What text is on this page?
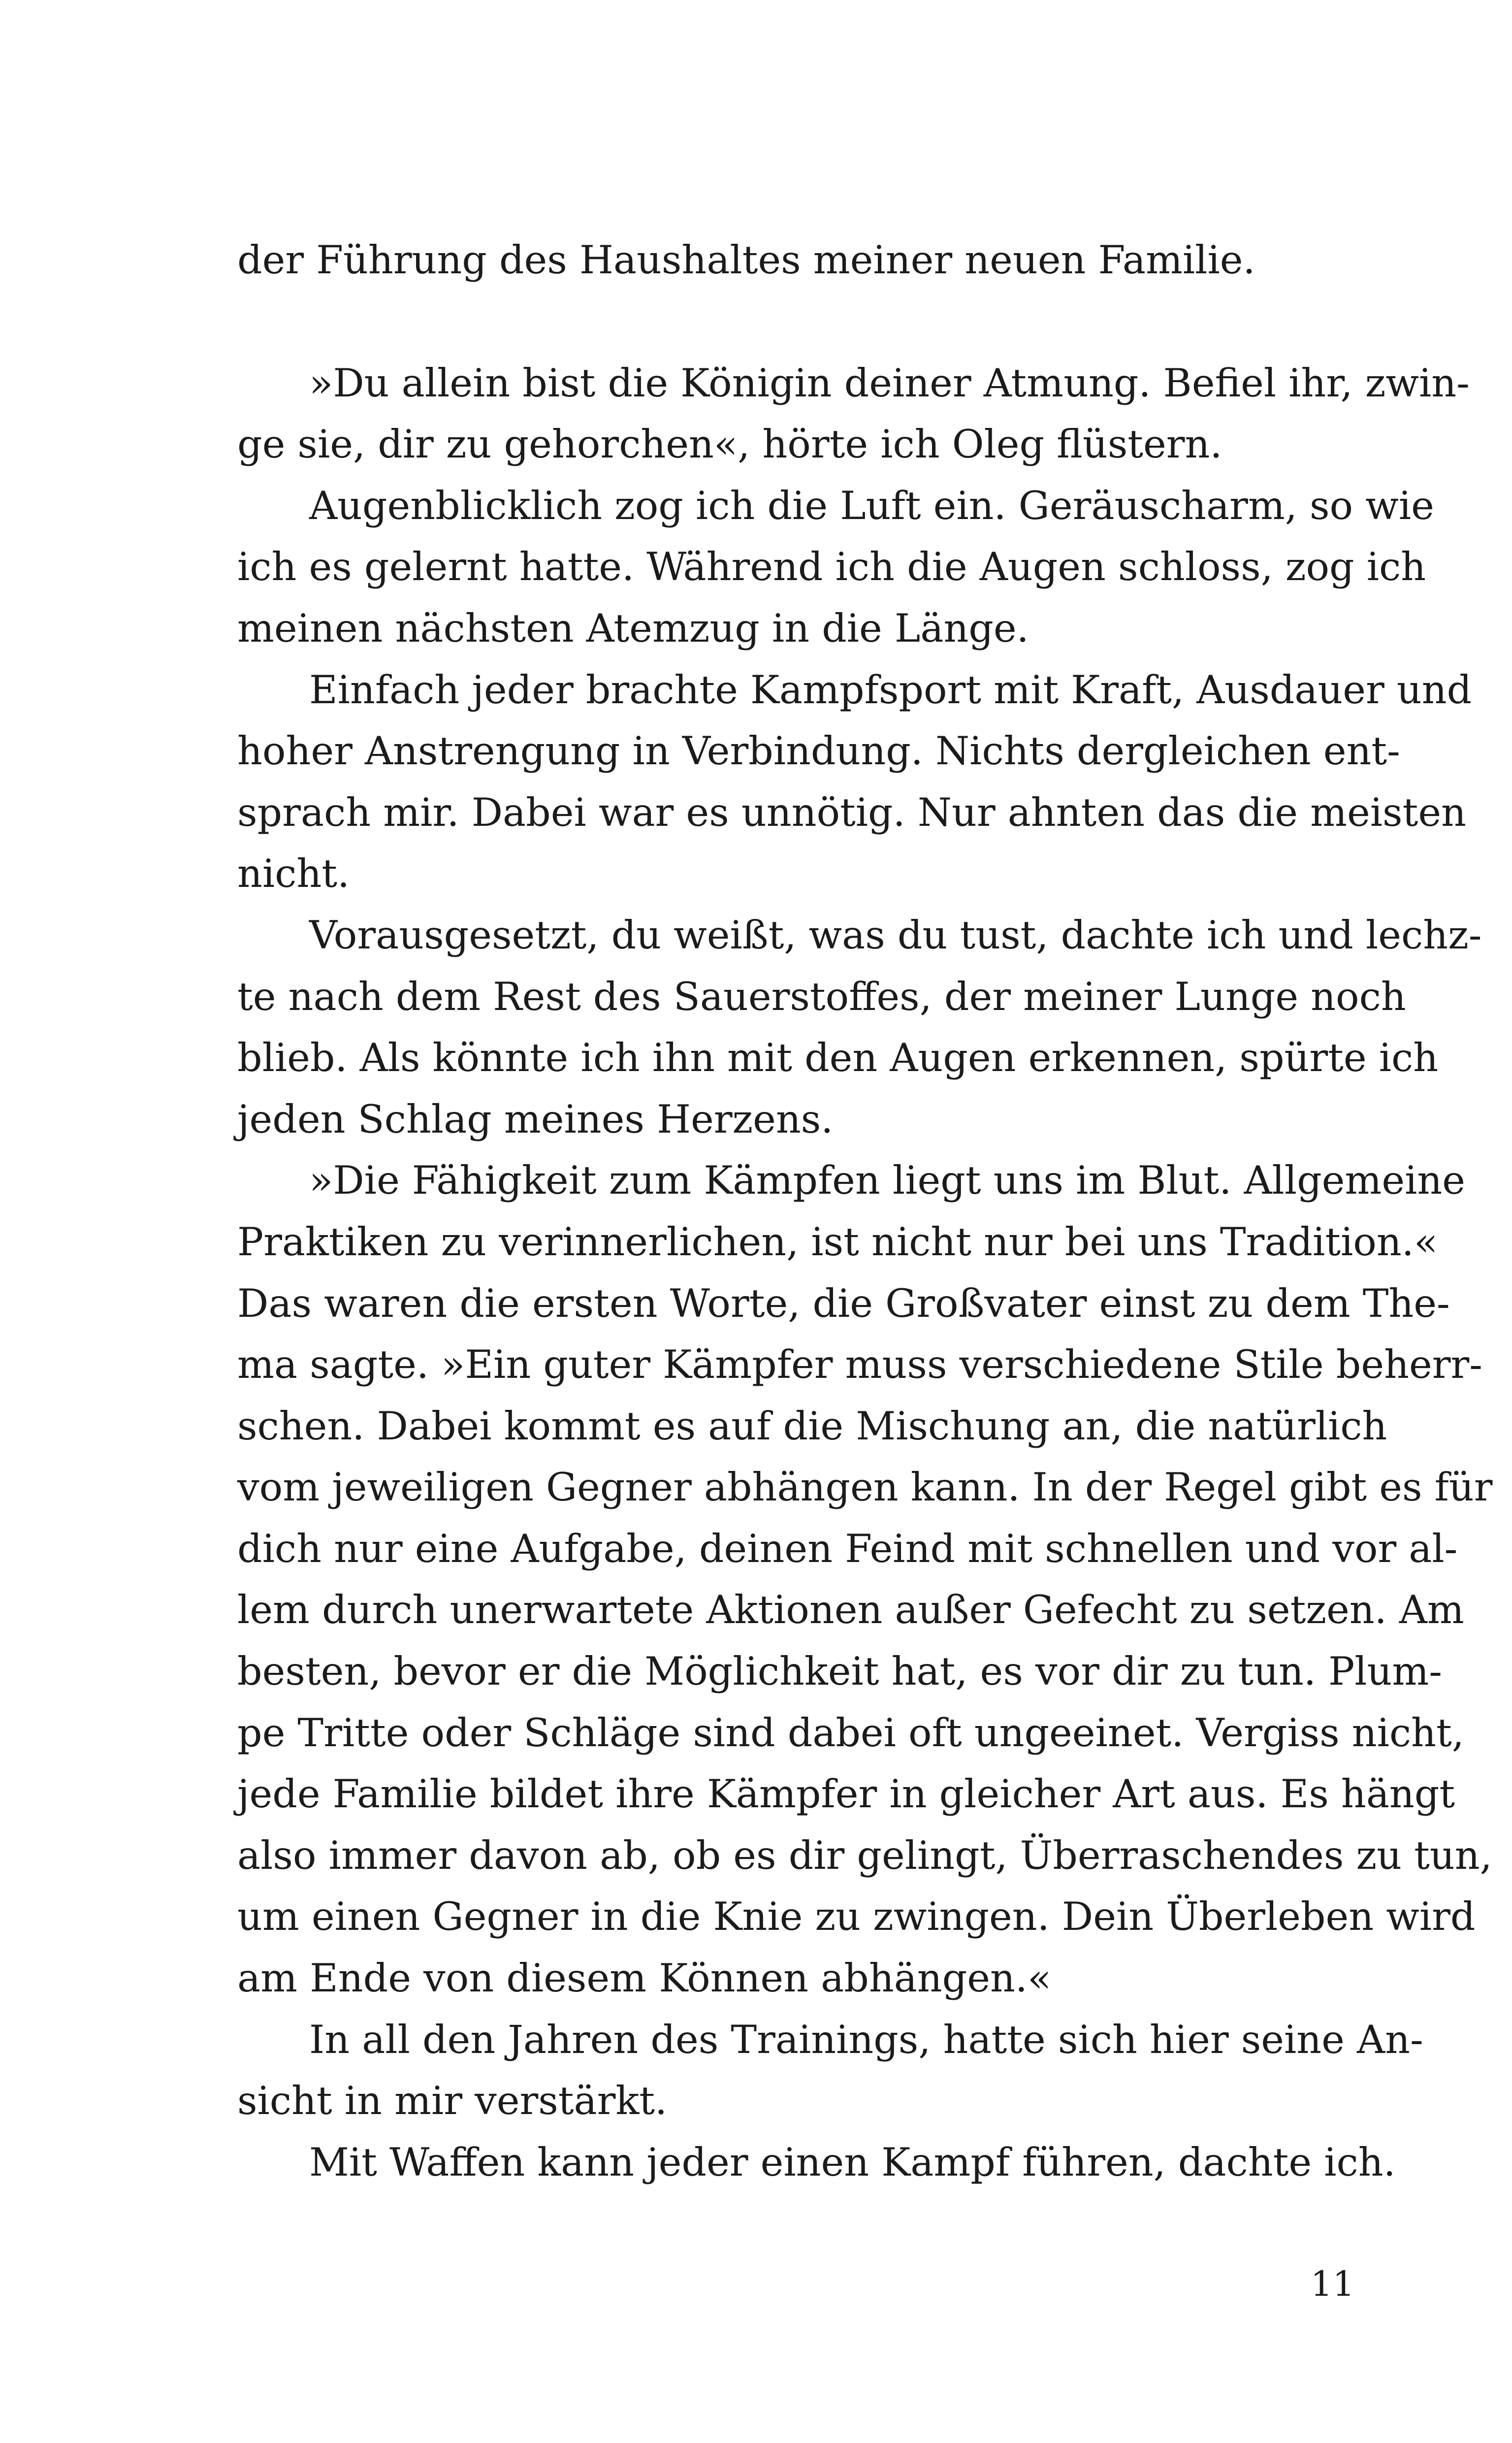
der Führung des Haushaltes meiner neuen Familie.
»Du allein bist die Königin deiner Atmung. Befiel ihr, zwin-
ge sie, dir zu gehorchen«, hörte ich Oleg flüstern.
Augenblicklich zog ich die Luft ein. Geräuscharm, so wie
ich es gelernt hatte. Während ich die Augen schloss, zog ich
meinen nächsten Atemzug in die Länge.
Einfach jeder brachte Kampfsport mit Kraft, Ausdauer und
hoher Anstrengung in Verbindung. Nichts dergleichen ent-
sprach mir. Dabei war es unnötig. Nur ahnten das die meisten
nicht.
Vorausgesetzt, du weißt, was du tust, dachte ich und lechz-
te nach dem Rest des Sauerstoffes, der meiner Lunge noch
blieb. Als könnte ich ihn mit den Augen erkennen, spürte ich
jeden Schlag meines Herzens.
»Die Fähigkeit zum Kämpfen liegt uns im Blut. Allgemeine
Praktiken zu verinnerlichen, ist nicht nur bei uns Tradition.«
Das waren die ersten Worte, die Großvater einst zu dem The-
ma sagte. »Ein guter Kämpfer muss verschiedene Stile beherr-
schen. Dabei kommt es auf die Mischung an, die natürlich
vom jeweiligen Gegner abhängen kann. In der Regel gibt es für
dich nur eine Aufgabe, deinen Feind mit schnellen und vor al-
lem durch unerwartete Aktionen außer Gefecht zu setzen. Am
besten, bevor er die Möglichkeit hat, es vor dir zu tun. Plum-
pe Tritte oder Schläge sind dabei oft ungeeinet. Vergiss nicht,
jede Familie bildet ihre Kämpfer in gleicher Art aus. Es hängt
also immer davon ab, ob es dir gelingt, Überraschendes zu tun,
um einen Gegner in die Knie zu zwingen. Dein Überleben wird
am Ende von diesem Können abhängen.«
In all den Jahren des Trainings, hatte sich hier seine An-
sicht in mir verstärkt.
Mit Waffen kann jeder einen Kampf führen, dachte ich.
11
